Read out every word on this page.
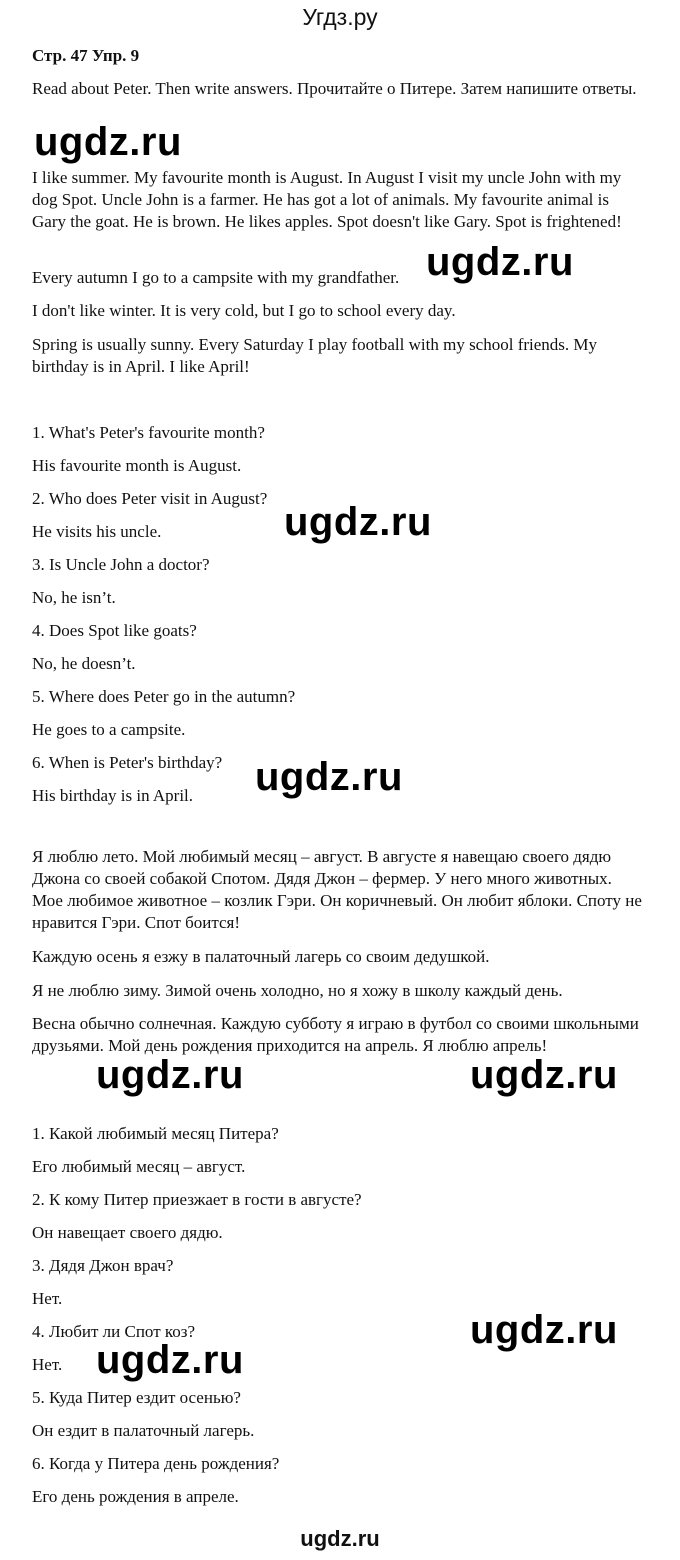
Угдз.ру
Стр. 47 Упр. 9

Read about Peter. Then write answers. Прочитайте о Питере. Затем напишите ответы.

I like summer. My favourite month is August. In August I visit my uncle John with my dog Spot. Uncle John is a farmer. He has got a lot of animals. My favourite animal is Gary the goat. He is brown. He likes apples. Spot doesn't like Gary. Spot is frightened!

Every autumn I go to a campsite with my grandfather.

I don't like winter. It is very cold, but I go to school every day.

Spring is usually sunny. Every Saturday I play football with my school friends. My birthday is in April. I like April!

1. What's Peter's favourite month?

His favourite month is August.

2. Who does Peter visit in August?

He visits his uncle.

3. Is Uncle John a doctor?

No, he isn’t.

4. Does Spot like goats?

No, he doesn’t.

5. Where does Peter go in the autumn?

He goes to a campsite.

6. When is Peter's birthday?

His birthday is in April.

Я люблю лето. Мой любимый месяц – август. В августе я навещаю своего дядю Джона со своей собакой Спотом. Дядя Джон – фермер. У него много животных. Мое любимое животное – козлик Гэри. Он коричневый. Он любит яблоки. Споту не нравится Гэри. Спот боится!

Каждую осень я езжу в палаточный лагерь со своим дедушкой.

Я не люблю зиму. Зимой очень холодно, но я хожу в школу каждый день.

Весна обычно солнечная. Каждую субботу я играю в футбол со своими школьными друзьями. Мой день рождения приходится на апрель. Я люблю апрель!

1. Какой любимый месяц Питера?

Его любимый месяц – август.

2. К кому Питер приезжает в гости в августе?

Он навещает своего дядю.

3. Дядя Джон врач?

Нет.

4. Любит ли Спот коз?

Нет.

5. Куда Питер ездит осенью?

Он ездит в палаточный лагерь.

6. Когда у Питера день рождения?

Его день рождения в апреле.

ugdz.ru
ugdz.ru
ugdz.ru
ugdz.ru
ugdz.ru	ugdz.ru
ugdz.ru
ugdz.ru
ugdz.ru
